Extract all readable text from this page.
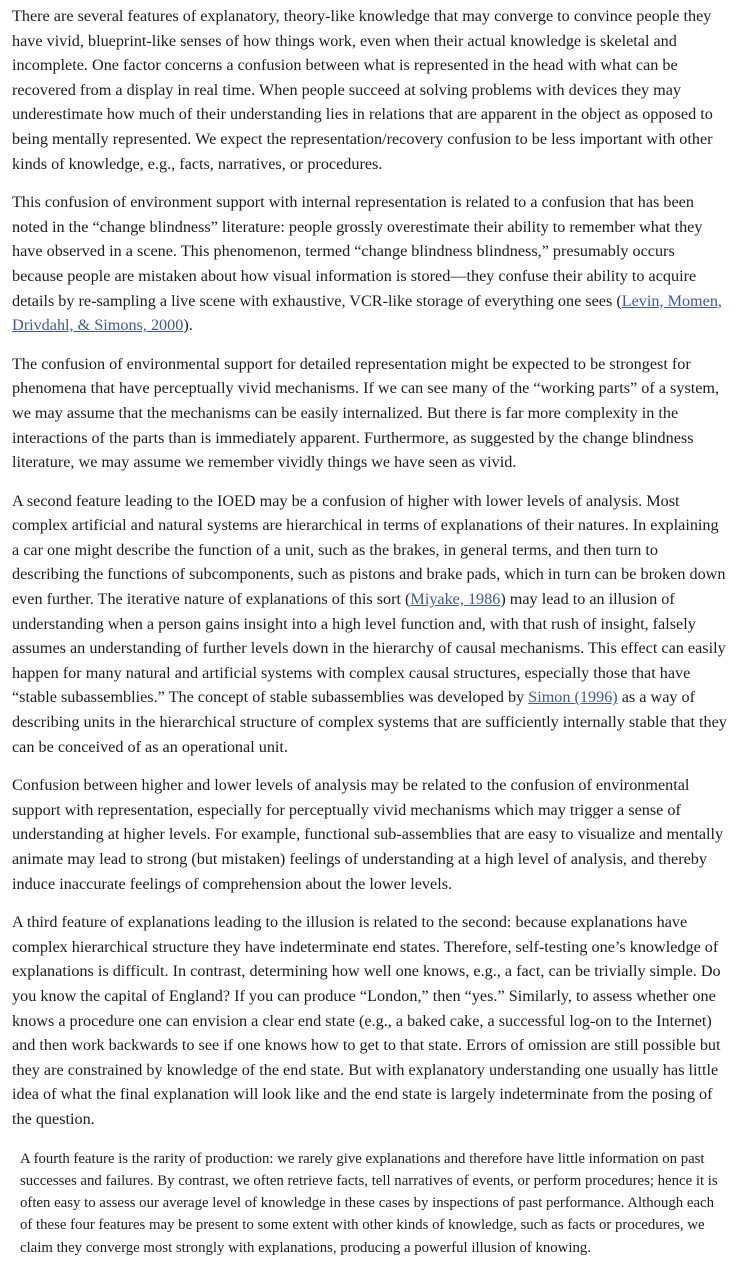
There are several features of explanatory, theory-like knowledge that may converge to convince people they have vivid, blueprint-like senses of how things work, even when their actual knowledge is skeletal and incomplete. One factor concerns a confusion between what is represented in the head with what can be recovered from a display in real time. When people succeed at solving problems with devices they may underestimate how much of their understanding lies in relations that are apparent in the object as opposed to being mentally represented. We expect the representation/recovery confusion to be less important with other kinds of knowledge, e.g., facts, narratives, or procedures.

This confusion of environment support with internal representation is related to a confusion that has been noted in the “change blindness” literature: people grossly overestimate their ability to remember what they have observed in a scene. This phenomenon, termed “change blindness blindness,” presumably occurs because people are mistaken about how visual information is stored—they confuse their ability to acquire details by re-sampling a live scene with exhaustive, VCR-like storage of everything one sees (Levin, Momen, Drivdahl, & Simons, 2000).

The confusion of environmental support for detailed representation might be expected to be strongest for phenomena that have perceptually vivid mechanisms. If we can see many of the “working parts” of a system, we may assume that the mechanisms can be easily internalized. But there is far more complexity in the interactions of the parts than is immediately apparent. Furthermore, as suggested by the change blindness literature, we may assume we remember vividly things we have seen as vivid.

A second feature leading to the IOED may be a confusion of higher with lower levels of analysis. Most complex artificial and natural systems are hierarchical in terms of explanations of their natures. In explaining a car one might describe the function of a unit, such as the brakes, in general terms, and then turn to describing the functions of subcomponents, such as pistons and brake pads, which in turn can be broken down even further. The iterative nature of explanations of this sort (Miyake, 1986) may lead to an illusion of understanding when a person gains insight into a high level function and, with that rush of insight, falsely assumes an understanding of further levels down in the hierarchy of causal mechanisms. This effect can easily happen for many natural and artificial systems with complex causal structures, especially those that have “stable subassemblies.” The concept of stable subassemblies was developed by Simon (1996) as a way of describing units in the hierarchical structure of complex systems that are sufficiently internally stable that they can be conceived of as an operational unit.

Confusion between higher and lower levels of analysis may be related to the confusion of environmental support with representation, especially for perceptually vivid mechanisms which may trigger a sense of understanding at higher levels. For example, functional sub-assemblies that are easy to visualize and mentally animate may lead to strong (but mistaken) feelings of understanding at a high level of analysis, and thereby induce inaccurate feelings of comprehension about the lower levels.

A third feature of explanations leading to the illusion is related to the second: because explanations have complex hierarchical structure they have indeterminate end states. Therefore, self-testing one’s knowledge of explanations is difficult. In contrast, determining how well one knows, e.g., a fact, can be trivially simple. Do you know the capital of England? If you can produce “London,” then “yes.” Similarly, to assess whether one knows a procedure one can envision a clear end state (e.g., a baked cake, a successful log-on to the Internet) and then work backwards to see if one knows how to get to that state. Errors of omission are still possible but they are constrained by knowledge of the end state. But with explanatory understanding one usually has little idea of what the final explanation will look like and the end state is largely indeterminate from the posing of the question.

A fourth feature is the rarity of production: we rarely give explanations and therefore have little information on past successes and failures. By contrast, we often retrieve facts, tell narratives of events, or perform procedures; hence it is often easy to assess our average level of knowledge in these cases by inspections of past performance. Although each of these four features may be present to some extent with other kinds of knowledge, such as facts or procedures, we claim they converge most strongly with explanations, producing a powerful illusion of knowing.
